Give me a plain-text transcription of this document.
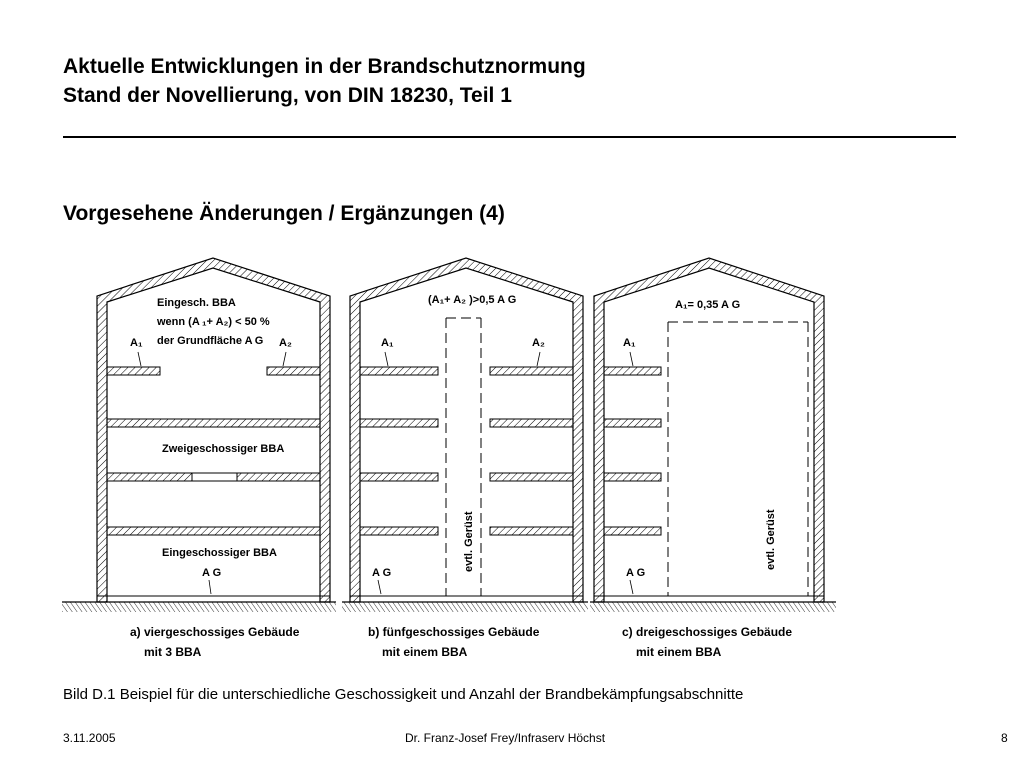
Aktuelle Entwicklungen in der Brandschutznormung
Stand der Novellierung, von DIN 18230, Teil 1
Vorgesehene Änderungen / Ergänzungen (4)
Eingesch. BBA
wenn (A ₁+ A₂) < 50 %
der Grundfläche A G
A₁	A₂
Zweigeschossiger BBA
Eingeschossiger BBA
A G
a) viergeschossiges Gebäude
mit 3 BBA
(A₁+ A₂ )>0,5 A G
A₁	A₂
evtl. Gerüst
A G
b) fünfgeschossiges Gebäude
mit einem BBA
A₁= 0,35 A G
A₁
evtl. Gerüst
A G
c) dreigeschossiges Gebäude
mit einem BBA
Bild D.1 Beispiel für die unterschiedliche Geschossigkeit und Anzahl der Brandbekämpfungsabschnitte
3.11.2005	Dr. Franz-Josef Frey/Infraserv Höchst	8
